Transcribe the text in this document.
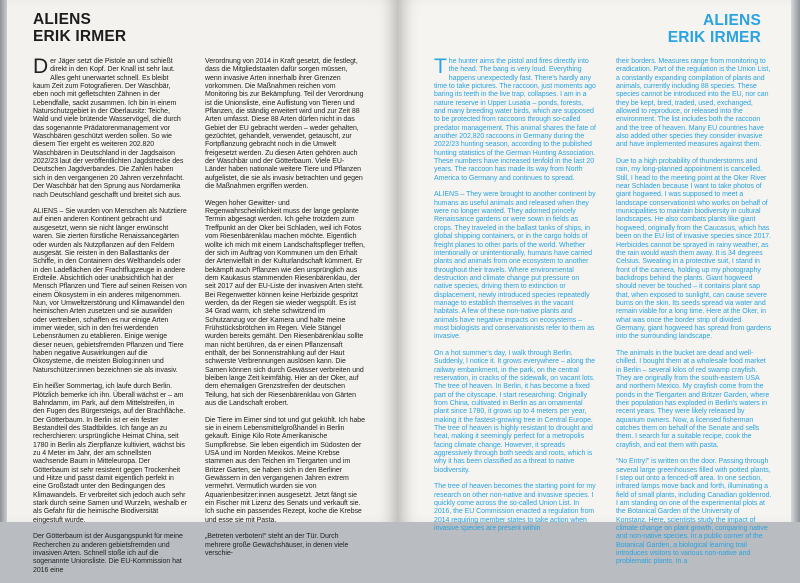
ALIENS
ERIK IRMER

Der Jäger setzt die Pistole an und schießt direkt in den Kopf. Der Knall ist sehr laut. Alles geht unerwartet schnell. Es bleibt kaum Zeit zum Fotografieren. Der Waschbär, eben noch mit gefletschten Zähnen in der Lebendfalle, sackt zusammen. Ich bin in einem Naturschutzgebiet in der Oberlausitz: Teiche, Wald und viele brütende Wasservögel, die durch das sogenannte Prädatorenmanagement vor Waschbären geschützt werden sollen. So wie diesem Tier ergeht es weiteren 202.820 Waschbären in Deutschland in der Jagdsaison 2022/23 laut der veröffentlichten Jagdstrecke des Deutschen Jagdverbandes. Die Zahlen haben sich in den vergangenen 20 Jahren verzehnfacht. Der Waschbär hat den Sprung aus Nordamerika nach Deutschland geschafft und breitet sich aus.

ALIENS – Sie wurden von Menschen als Nutztiere auf einen anderen Kontinent gebracht und ausgesetzt, wenn sie nicht länger erwünscht waren. Sie zierten fürstliche Renaissancegärten oder wurden als Nutzpflanzen auf den Feldern ausgesät. Sie reisten in den Ballasttanks der Schiffe, in den Containern des Welthandels oder in den Ladeflächen der Frachtflugzeuge in andere Erdteile. Absichtlich oder unabsichtlich hat der Mensch Pflanzen und Tiere auf seinen Reisen von einem Ökosystem in ein anderes mitgenommen. Nun, vor Umweltzerstörung und Klimawandel den heimischen Arten zusetzen und sie auswilden oder vertreiben, schaffen es nur einige Arten immer wieder, sich in den frei werdenden Lebensräumen zu etablieren. Einige wenige dieser neuen, gebietsfremden Pflanzen und Tiere haben negative Auswirkungen auf die Ökosysteme, die meisten Biolog:innen und Naturschützer:innen bezeichnen sie als invasiv.

Ein heißer Sommertag, ich laufe durch Berlin. Plötzlich bemerke ich ihn. Überall wächst er – am Bahndamm, im Park, auf dem Mittelstreifen, in den Fugen des Bürgersteigs, auf der Brachfläche. Der Götterbaum. In Berlin ist er ein fester Bestandteil des Stadtbildes. Ich fange an zu recherchieren: ursprüngliche Heimat China, seit 1780 in Berlin als Zierpflanze kultiviert, wächst bis zu 4 Meter im Jahr, der am schnellsten wachsende Baum in Mitteleuropa. Der Götterbaum ist sehr resistent gegen Trockenheit und Hitze und passt damit eigentlich perfekt in eine Großstadt unter den Bedingungen des Klimawandels. Er verbreitet sich jedoch auch sehr stark durch seine Samen und Wurzeln, weshalb er als Gefahr für die heimische Biodiversität eingestuft wurde.

Der Götterbaum ist der Ausgangspunkt für meine Recherchen zu anderen gebietsfremden und invasiven Arten. Schnell stoße ich auf die sogenannte Unionsliste. Die EU-Kommission hat 2016 eine

Verordnung von 2014 in Kraft gesetzt, die festlegt, dass die Mitgliedstaaten dafür sorgen müssen, wenn invasive Arten innerhalb ihrer Grenzen vorkommen. Die Maßnahmen reichen vom Monitoring bis zur Bekämpfung. Teil der Verordnung ist die Unionsliste, eine Auflistung von Tieren und Pflanzen, die ständig erweitert wird und zur Zeit 88 Arten umfasst. Diese 88 Arten dürfen nicht in das Gebiet der EU gebracht werden – weder gehalten, gezüchtet, gehandelt, verwendet, getauscht, zur Fortpflanzung gebracht noch in die Umwelt freigesetzt werden. Zu diesen Arten gehören auch der Waschbär und der Götterbaum. Viele EU-Länder haben nationale weitere Tiere und Pflanzen aufgelistet, die sie als invasiv betrachten und gegen die Maßnahmen ergriffen werden.

Wegen hoher Gewitter- und Regenwahrscheinlichkeit muss der lange geplante Termin abgesagt werden. Ich gehe trotzdem zum Treffpunkt an der Oker bei Schladen, weil ich Fotos vom Riesenbärenklau machen möchte. Eigentlich wollte ich mich mit einem Landschaftspfleger treffen, der sich im Auftrag von Kommunen um den Erhalt der Artenvielfalt in der Kulturlandschaft kümmert. Er bekämpft auch Pflanzen wie den ursprünglich aus dem Kaukasus stammenden Riesenbärenklau, der seit 2017 auf der EU-Liste der invasiven Arten steht. Bei Regenwetter können keine Herbizide gespritzt werden, da der Regen sie wieder wegspült. Es ist 34 Grad warm, ich stehe schwitzend im Schutzanzug vor der Kamera und halte meine Frühstücksbrötchen im Regen. Viele Stängel wurden bereits gemäht. Den Riesenbärenklau sollte man nicht berühren, da er einen Pflanzensaft enthält, der bei Sonnenstrahlung auf der Haut schwerste Verbrennungen auslösen kann. Die Samen können sich durch Gewässer verbreiten und bleiben lange Zeit keimfähig. Hier an der Oker, auf dem ehemaligen Grenzstreifen der deutschen Teilung, hat sich der Riesenbärenklau von Gärten aus die Landschaft erobert.

Die Tiere im Eimer sind tot und gut gekühlt. Ich habe sie in einem Lebensmittelgroßhandel in Berlin gekauft. Einige Kilo Rote Amerikanische Sumpfkrebse. Sie leben eigentlich im Südosten der USA und im Norden Mexikos. Meine Krebse stammen aus den Teichen im Tiergarten und im Britzer Garten, sie haben sich in den Berliner Gewässern in den vergangenen Jahren extrem vermehrt. Vermutlich wurden sie von Aquarienbesitzer:innen ausgesetzt. Jetzt fängt sie ein Fischer mit Lizenz des Senats und verkauft sie. Ich suche ein passendes Rezept, koche die Krebse und esse sie mit Pasta.

„Betreten verboten!“ steht an der Tür. Durch mehrere große Gewächshäuser, in denen viele verschie-

ALIENS
ERIK IRMER

The hunter aims the pistol and fires directly into the head. The bang is very loud. Everything happens unexpectedly fast. There's hardly any time to take pictures. The raccoon, just moments ago baring its teeth in the live trap, collapses. I am in a nature reserve in Upper Lusatia – ponds, forests, and many breeding water birds, which are supposed to be protected from raccoons through so-called predator management. This animal shares the fate of another 202,820 raccoons in Germany during the 2022/23 hunting season, according to the published hunting statistics of the German Hunting Association. These numbers have increased tenfold in the last 20 years. The raccoon has made its way from North America to Germany and continues to spread.

ALIENS – They were brought to another continent by humans as useful animals and released when they were no longer wanted. They adorned princely Renaissance gardens or were sown in fields as crops. They traveled in the ballast tanks of ships, in global shipping containers, or in the cargo holds of freight planes to other parts of the world. Whether intentionally or unintentionally, humans have carried plants and animals from one ecosystem to another throughout their travels. Where environmental destruction and climate change put pressure on native species, driving them to extinction or displacement, newly introduced species repeatedly manage to establish themselves in the vacant habitats. A few of these non-native plants and animals have negative impacts on ecosystems – most biologists and conservationists refer to them as invasive.

On a hot summer's day, I walk through Berlin. Suddenly, I notice it. It grows everywhere – along the railway embankment, in the park, on the central reservation, in cracks of the sidewalk, on vacant lots. The tree of heaven. In Berlin, it has become a fixed part of the cityscape. I start researching: Originally from China, cultivated in Berlin as an ornamental plant since 1780, it grows up to 4 meters per year, making it the fastest-growing tree in Central Europe. The tree of heaven is highly resistant to drought and heat, making it seemingly perfect for a metropolis facing climate change. However, it spreads aggressively through both seeds and roots, which is why it has been classified as a threat to native biodiversity.

The tree of heaven becomes the starting point for my research on other non-native and invasive species. I quickly come across the so-called Union List. In 2016, the EU Commission enacted a regulation from 2014 requiring member states to take action when invasive species are present within

their borders. Measures range from monitoring to eradication. Part of the regulation is the Union List, a constantly expanding compilation of plants and animals, currently including 88 species. These species cannot be introduced into the EU, nor can they be kept, bred, traded, used, exchanged, allowed to reproduce, or released into the environment. The list includes both the raccoon and the tree of heaven. Many EU countries have also added other species they consider invasive and have implemented measures against them.

Due to a high probability of thunderstorms and rain, my long-planned appointment is cancelled. Still, I head to the meeting point at the Oker River near Schladen because I want to take photos of giant hogweed. I was supposed to meet a landscape conservationist who works on behalf of municipalities to maintain biodiversity in cultural landscapes. He also combats plants like giant hogweed, originally from the Caucasus, which has been on the EU list of invasive species since 2017. Herbicides cannot be sprayed in rainy weather, as the rain would wash them away. It is 34 degrees Celsius. Sweating in a protective suit, I stand in front of the camera, holding up my photography backdrops behind the plants. Giant hogweed should never be touched – it contains plant sap that, when exposed to sunlight, can cause severe burns on the skin. Its seeds spread via water and remain viable for a long time. Here at the Oker, in what was once the border strip of divided Germany, giant hogweed has spread from gardens into the surrounding landscape.

The animals in the bucket are dead and well-chilled. I bought them at a wholesale food market in Berlin – several kilos of red swamp crayfish. They are originally from the south-eastern USA and northern Mexico. My crayfish come from the ponds in the Tiergarten and Britzer Garden, where their population has exploded in Berlin's waters in recent years. They were likely released by aquarium owners. Now, a licensed fisherman catches them on behalf of the Senate and sells them. I search for a suitable recipe, cook the crayfish, and eat them with pasta.

“No Entry!” is written on the door. Passing through several large greenhouses filled with potted plants, I step out onto a fenced-off area. In one section, infrared lamps move back and forth, illuminating a field of small plants, including Canadian goldenrod. I am standing on one of the experimental plots at the Botanical Garden of the University of Konstanz. Here, scientists study the impact of climate change on plant growth, comparing native and non-native species. In a public corner of the Botanical Garden, a biological learning trail introduces visitors to various non-native and problematic plants. In a
